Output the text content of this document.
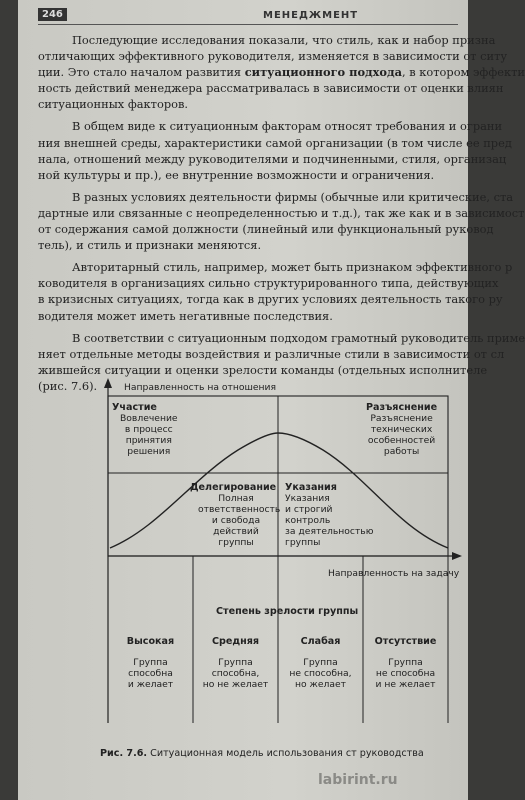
246	МЕНЕДЖМЕНТ

Последующие исследования показали, что стиль, как и набор призна
отличающих эффективного руководителя, изменяется в зависимости от ситу
ции. Это стало началом развития ситуационного подхода, в котором эффекти
ность действий менеджера рассматривалась в зависимости от оценки влиян
ситуационных факторов.

В общем виде к ситуационным факторам относят требования и ограни
ния внешней среды, характеристики самой организации (в том числе ее пред
нала, отношений между руководителями и подчиненными, стиля, организац
ной культуры и пр.), ее внутренние возможности и ограничения.

В разных условиях деятельности фирмы (обычные или критические, ста
дартные или связанные с неопределенностью и т.д.), так же как и в зависимост
от содержания самой должности (линейный или функциональный руковод
тель), и стиль и признаки меняются.

Авторитарный стиль, например, может быть признаком эффективного р
ководителя в организациях сильно структурированного типа, действующих
в кризисных ситуациях, тогда как в других условиях деятельность такого ру
водителя может иметь негативные последствия.

В соответствии с ситуационным подходом грамотный руководитель приме
няет отдельные методы воздействия и различные стили в зависимости от сл
жившейся ситуации и оценки зрелости команды (отдельных исполнителе
(рис. 7.6).	Направленность на отношения
Направленность на задачу
Участие
Вовлечение
в процесс
принятия
решения
Разъяснение
Разъяснение
технических
особенностей
работы
Делегирование
Полная
ответственность
и свобода
действий
группы
Указания
Указания
и строгий
контроль
за деятельностью
группы
Степень зрелости группы
Высокая
Группа
способна
и желает
Средняя
Группа
способна,
но не желает
Слабая
Группа
не способна,
но желает
Отсутствие
Группа
не способна
и не желает
Рис. 7.6. Ситуационная модель использования ст руководства
labirint.ru
